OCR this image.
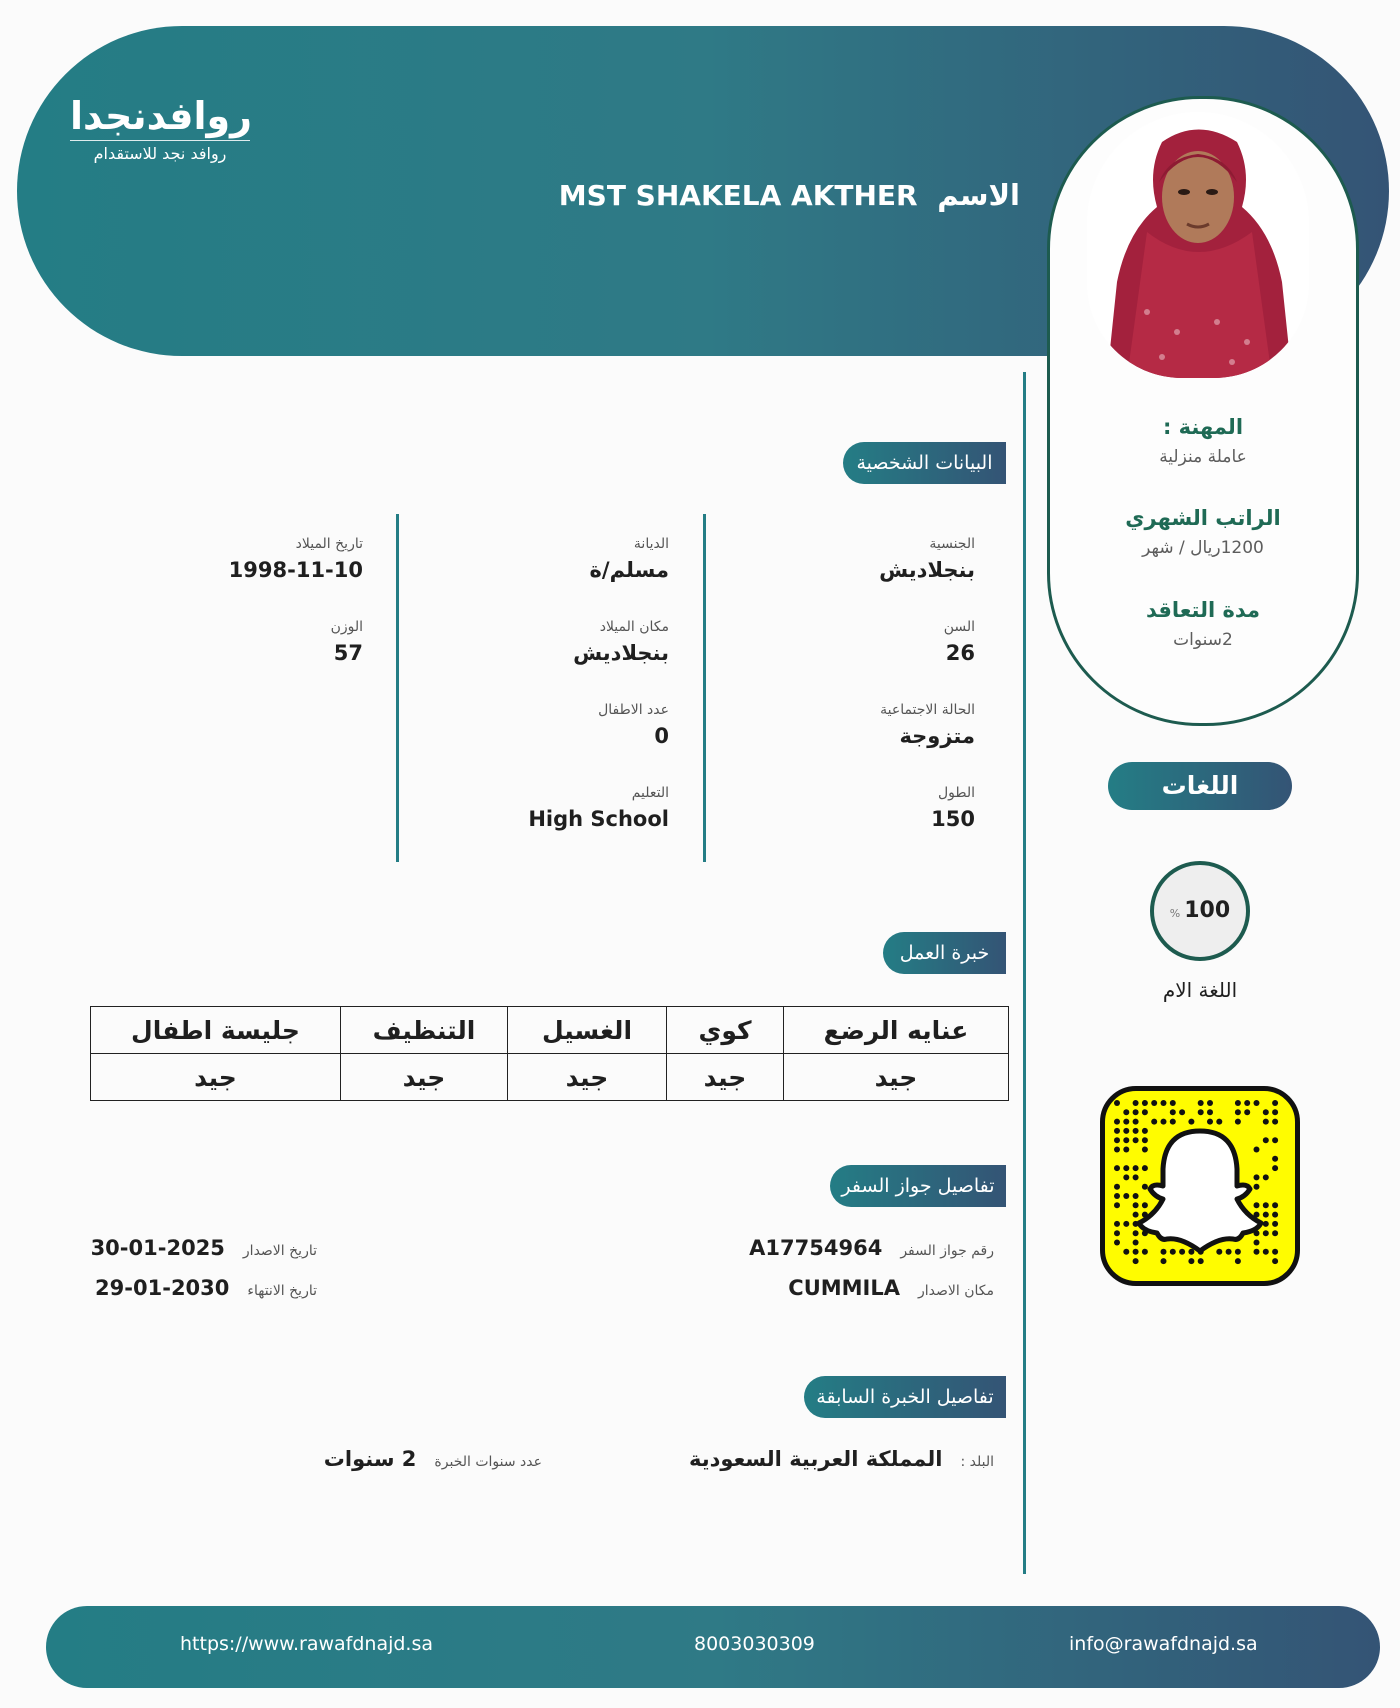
روافدنجدا
روافد نجد للاستقدام
الاسم MST SHAKELA AKTHER
المهنة :
عاملة منزلية
الراتب الشهري
1200ريال / شهر
مدة التعاقد
2سنوات
اللغات
% 100
اللغة الام
البيانات الشخصية
خبرة العمل
تفاصيل جواز السفر
تفاصيل الخبرة السابقة
الجنسية
بنجلاديش
السن
26
الحالة الاجتماعية
متزوجة
الطول
150
الديانة
مسلم/ة
مكان الميلاد
بنجلاديش
عدد الاطفال
0
التعليم
High School
تاريخ الميلاد
1998-11-10
الوزن
57
عنايه الرضع	كوي	الغسيل	التنظيف	جليسة اطفال
جيد	جيد	جيد	جيد	جيد
رقم جواز السفرA17754964
مكان الاصدارCUMMILA
تاريخ الاصدار2025-01-30
تاريخ الانتهاء2030-01-29
البلد :المملكة العربية السعودية
عدد سنوات الخبرة2 سنوات
https://www.rawafdnajd.sa	8003030309	info@rawafdnajd.sa
